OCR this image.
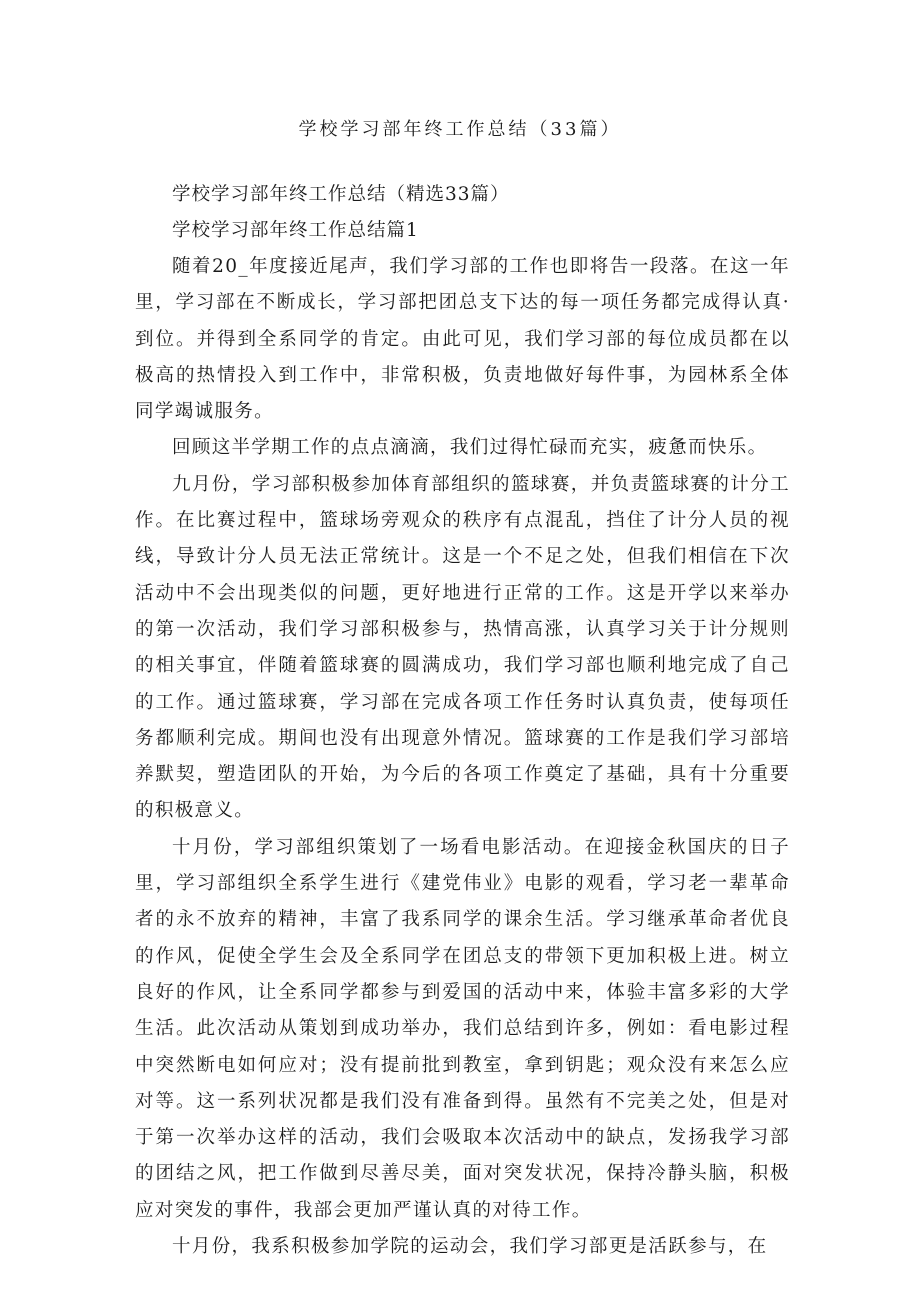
学校学习部年终工作总结（33篇）

学校学习部年终工作总结（精选33篇）

学校学习部年终工作总结篇1

随着20_年度接近尾声，我们学习部的工作也即将告一段落。在这一年里，学习部在不断成长，学习部把团总支下达的每一项任务都完成得认真·到位。并得到全系同学的肯定。由此可见，我们学习部的每位成员都在以极高的热情投入到工作中，非常积极，负责地做好每件事，为园林系全体同学竭诚服务。

回顾这半学期工作的点点滴滴，我们过得忙碌而充实，疲惫而快乐。

九月份，学习部积极参加体育部组织的篮球赛，并负责篮球赛的计分工作。在比赛过程中，篮球场旁观众的秩序有点混乱，挡住了计分人员的视线，导致计分人员无法正常统计。这是一个不足之处，但我们相信在下次活动中不会出现类似的问题，更好地进行正常的工作。这是开学以来举办的第一次活动，我们学习部积极参与，热情高涨，认真学习关于计分规则的相关事宜，伴随着篮球赛的圆满成功，我们学习部也顺利地完成了自己的工作。通过篮球赛，学习部在完成各项工作任务时认真负责，使每项任务都顺利完成。期间也没有出现意外情况。篮球赛的工作是我们学习部培养默契，塑造团队的开始，为今后的各项工作奠定了基础，具有十分重要的积极意义。

十月份，学习部组织策划了一场看电影活动。在迎接金秋国庆的日子里，学习部组织全系学生进行《建党伟业》电影的观看，学习老一辈革命者的永不放弃的精神，丰富了我系同学的课余生活。学习继承革命者优良的作风，促使全学生会及全系同学在团总支的带领下更加积极上进。树立良好的作风，让全系同学都参与到爱国的活动中来，体验丰富多彩的大学生活。此次活动从策划到成功举办，我们总结到许多，例如：看电影过程中突然断电如何应对；没有提前批到教室，拿到钥匙；观众没有来怎么应对等。这一系列状况都是我们没有准备到得。虽然有不完美之处，但是对于第一次举办这样的活动，我们会吸取本次活动中的缺点，发扬我学习部的团结之风，把工作做到尽善尽美，面对突发状况，保持冷静头脑，积极应对突发的事件，我部会更加严谨认真的对待工作。

十月份，我系积极参加学院的运动会，我们学习部更是活跃参与，在
